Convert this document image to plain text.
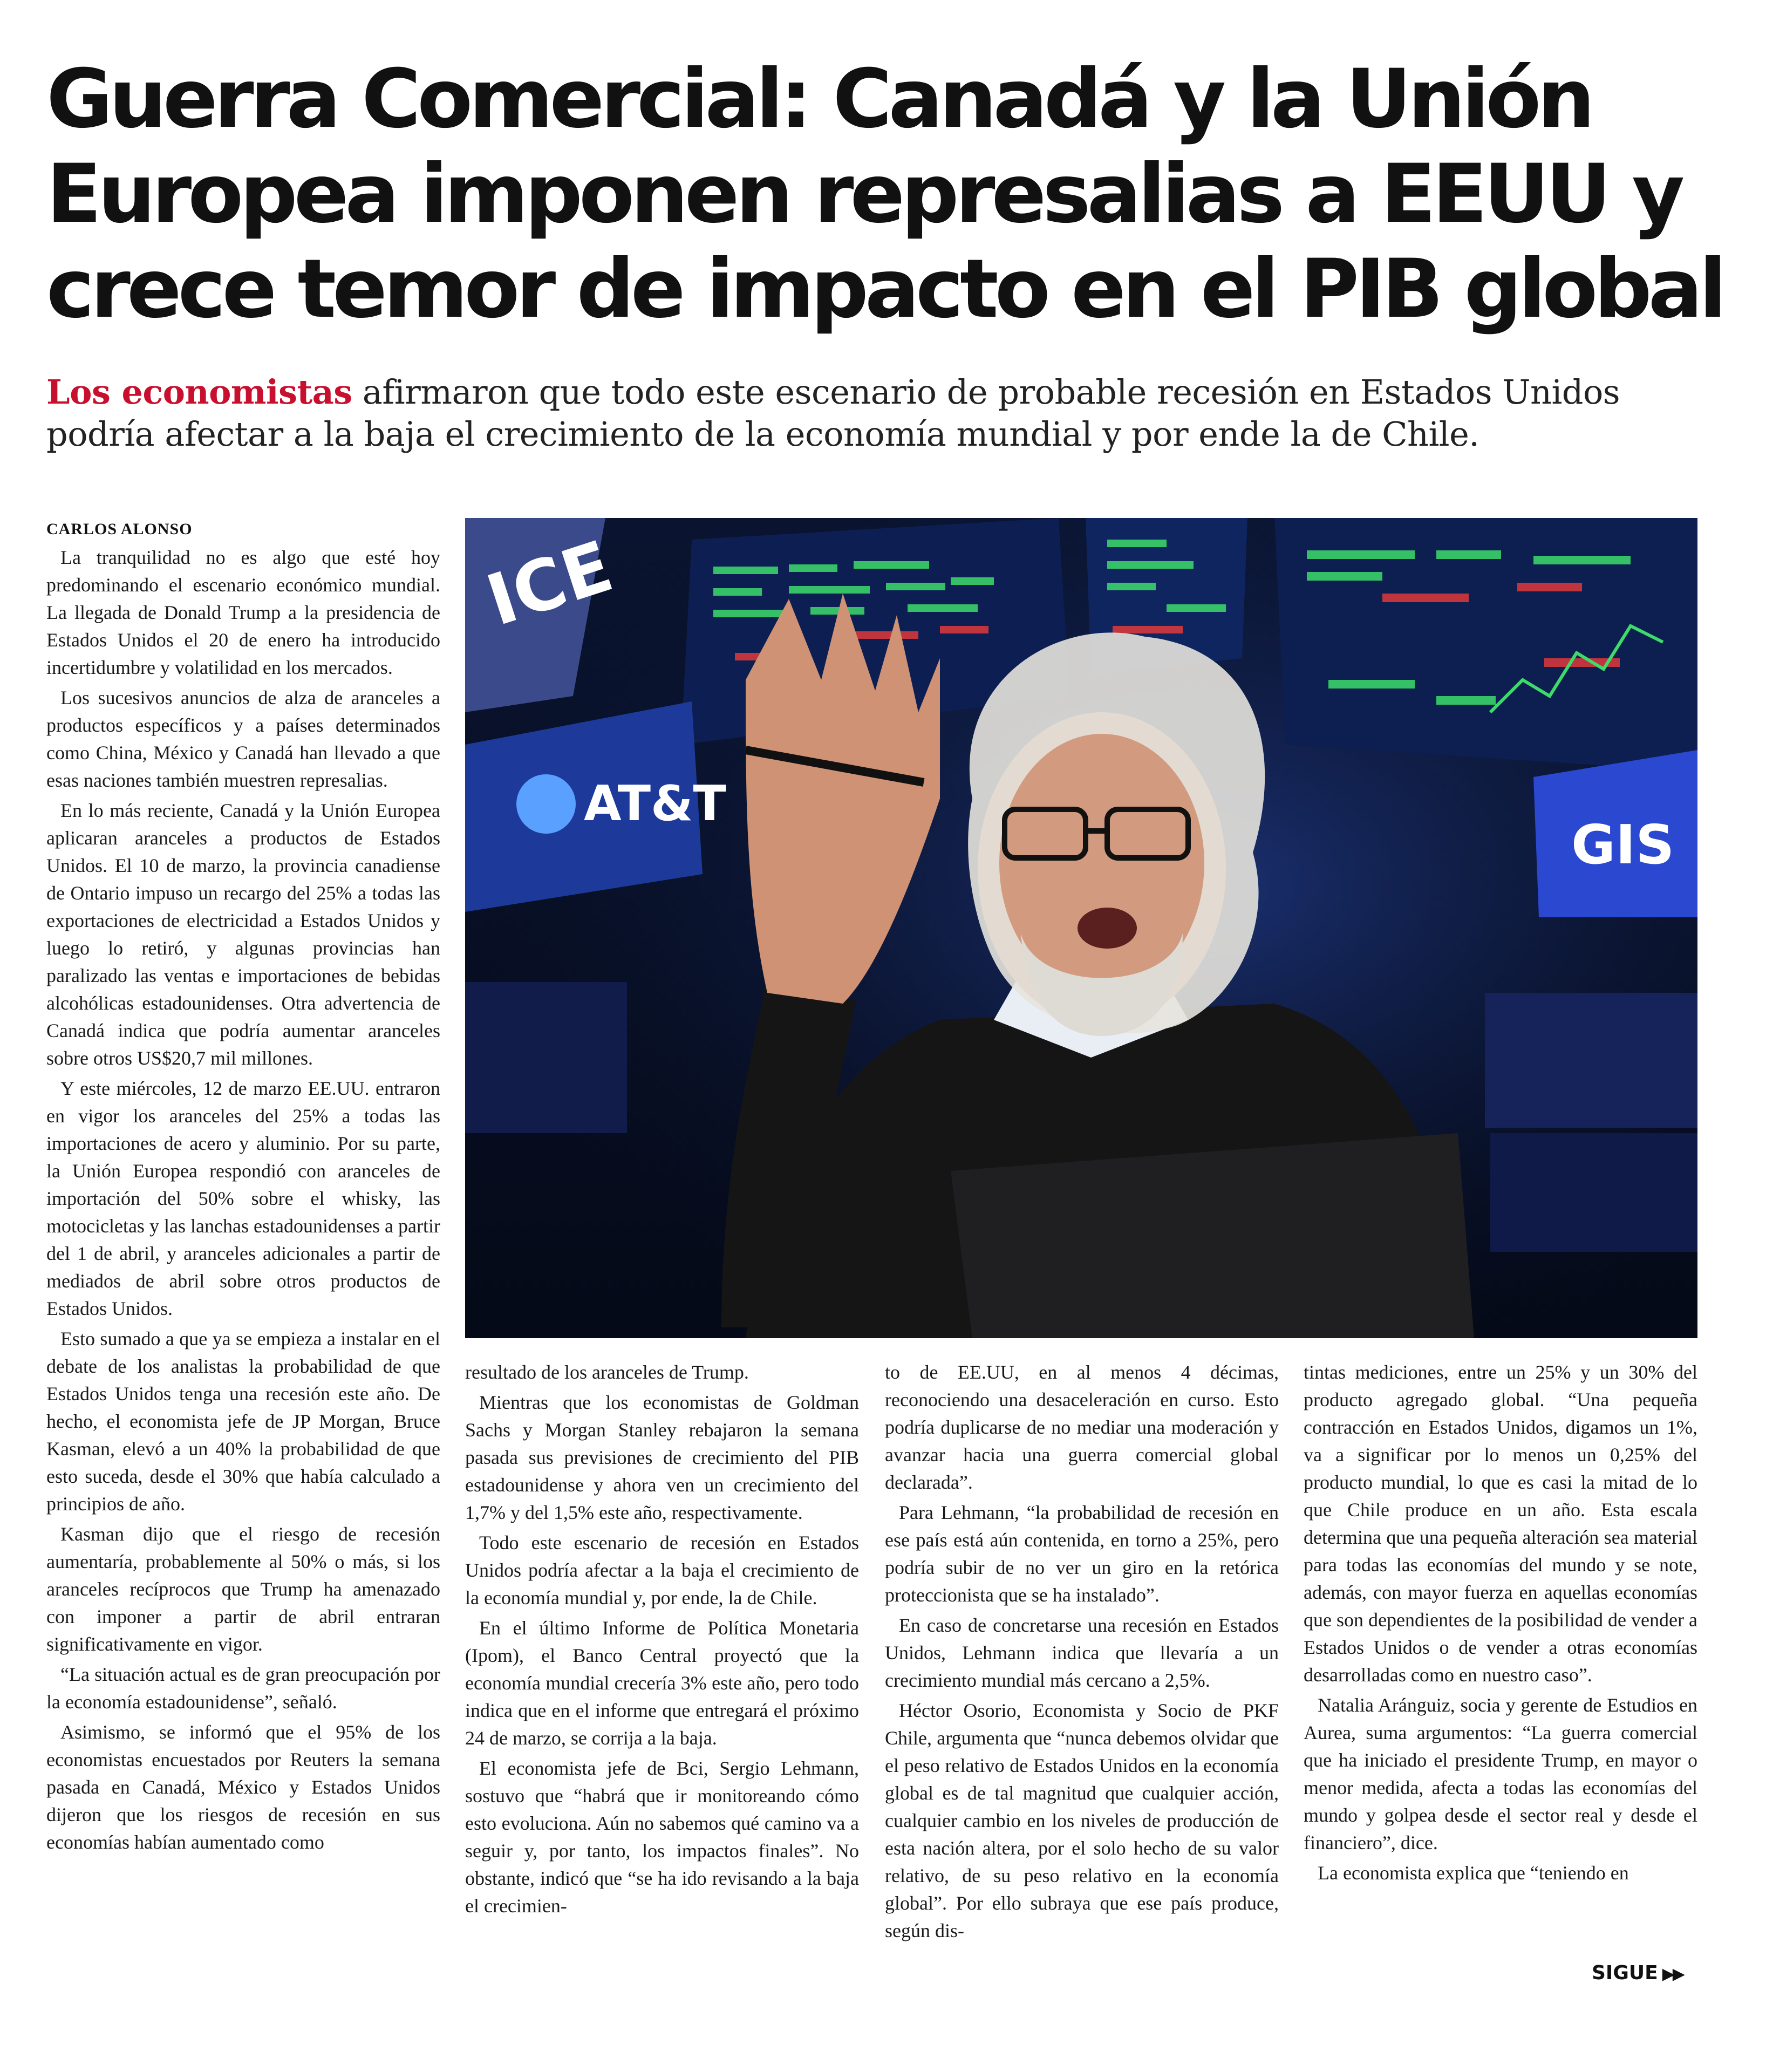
Guerra Comercial: Canadá y la Unión
Europea imponen represalias a EEUU y
crece temor de impacto en el PIB global
Los economistas afirmaron que todo este escenario de probable recesión en Estados Unidos podría afectar a la baja el crecimiento de la economía mundial y por ende la de Chile.
CARLOS ALONSO	ICE
AT&T
GIS

La tranquilidad no es algo que esté hoy predominando el escenario económico mundial. La llegada de Donald Trump a la presidencia de Estados Unidos el 20 de enero ha introducido incertidumbre y volatilidad en los mercados.

Los sucesivos anuncios de alza de aranceles a productos específicos y a países determinados como China, México y Canadá han llevado a que esas naciones también muestren represalias.

En lo más reciente, Canadá y la Unión Europea aplicaran aranceles a productos de Estados Unidos. El 10 de marzo, la provincia canadiense de Ontario impuso un recargo del 25% a todas las exportaciones de electricidad a Estados Unidos y luego lo retiró, y algunas provincias han paralizado las ventas e importaciones de bebidas alcohólicas estadounidenses. Otra advertencia de Canadá indica que podría aumentar aranceles sobre otros US$20,7 mil millones.

Y este miércoles, 12 de marzo EE.UU. entraron en vigor los aranceles del 25% a todas las importaciones de acero y aluminio. Por su parte, la Unión Europea respondió con aranceles de importación del 50% sobre el whisky, las motocicletas y las lanchas estadounidenses a partir del 1 de abril, y aranceles adicionales a partir de mediados de abril sobre otros productos de Estados Unidos.

Esto sumado a que ya se empieza a instalar en el debate de los analistas la probabilidad de que Estados Unidos tenga una recesión este año. De hecho, el economista jefe de JP Morgan, Bruce Kasman, elevó a un 40% la probabilidad de que esto suceda, desde el 30% que había calculado a principios de año.

Kasman dijo que el riesgo de recesión aumentaría, probablemente al 50% o más, si los aranceles recíprocos que Trump ha amenazado con imponer a partir de abril entraran significativamente en vigor.

“La situación actual es de gran preocupación por la economía estadounidense”, señaló.

Asimismo, se informó que el 95% de los economistas encuestados por Reuters la semana pasada en Canadá, México y Estados Unidos dijeron que los riesgos de recesión en sus economías habían aumentado como

resultado de los aranceles de Trump.

Mientras que los economistas de Goldman Sachs y Morgan Stanley rebajaron la semana pasada sus previsiones de crecimiento del PIB estadounidense y ahora ven un crecimiento del 1,7% y del 1,5% este año, respectivamente.

Todo este escenario de recesión en Estados Unidos podría afectar a la baja el crecimiento de la economía mundial y, por ende, la de Chile.

En el último Informe de Política Monetaria (Ipom), el Banco Central proyectó que la economía mundial crecería 3% este año, pero todo indica que en el informe que entregará el próximo 24 de marzo, se corrija a la baja.

El economista jefe de Bci, Sergio Lehmann, sostuvo que “habrá que ir monitoreando cómo esto evoluciona. Aún no sabemos qué camino va a seguir y, por tanto, los impactos finales”. No obstante, indicó que “se ha ido revisando a la baja el crecimien-

to de EE.UU, en al menos 4 décimas, reconociendo una desaceleración en curso. Esto podría duplicarse de no mediar una moderación y avanzar hacia una guerra comercial global declarada”.

Para Lehmann, “la probabilidad de recesión en ese país está aún contenida, en torno a 25%, pero podría subir de no ver un giro en la retórica proteccionista que se ha instalado”.

En caso de concretarse una recesión en Estados Unidos, Lehmann indica que llevaría a un crecimiento mundial más cercano a 2,5%.

Héctor Osorio, Economista y Socio de PKF Chile, argumenta que “nunca debemos olvidar que el peso relativo de Estados Unidos en la economía global es de tal magnitud que cualquier acción, cualquier cambio en los niveles de producción de esta nación altera, por el solo hecho de su valor relativo, de su peso relativo en la economía global”. Por ello subraya que ese país produce, según dis-

tintas mediciones, entre un 25% y un 30% del producto agregado global. “Una pequeña contracción en Estados Unidos, digamos un 1%, va a significar por lo menos un 0,25% del producto mundial, lo que es casi la mitad de lo que Chile produce en un año. Esta escala determina que una pequeña alteración sea material para todas las economías del mundo y se note, además, con mayor fuerza en aquellas economías que son dependientes de la posibilidad de vender a Estados Unidos o de vender a otras economías desarrolladas como en nuestro caso”.

Natalia Aránguiz, socia y gerente de Estudios en Aurea, suma argumentos: “La guerra comercial que ha iniciado el presidente Trump, en mayor o menor medida, afecta a todas las economías del mundo y golpea desde el sector real y desde el financiero”, dice.

La economista explica que “teniendo en

SIGUE ▶▶
